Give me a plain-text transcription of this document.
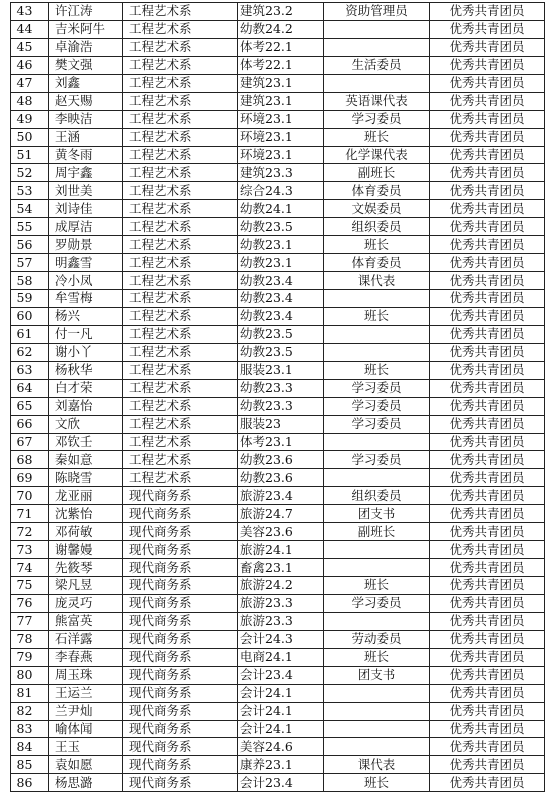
43	许江涛	工程艺术系	建筑23.2	资助管理员	优秀共青团员
44	吉米阿牛	工程艺术系	幼教24.2		优秀共青团员
45	卓渝浩	工程艺术系	体考22.1		优秀共青团员
46	樊文强	工程艺术系	体考22.1	生活委员	优秀共青团员
47	刘鑫	工程艺术系	建筑23.1		优秀共青团员
48	赵天赐	工程艺术系	建筑23.1	英语课代表	优秀共青团员
49	李映洁	工程艺术系	环境23.1	学习委员	优秀共青团员
50	王涵	工程艺术系	环境23.1	班长	优秀共青团员
51	黄冬雨	工程艺术系	环境23.1	化学课代表	优秀共青团员
52	周宇鑫	工程艺术系	建筑23.3	副班长	优秀共青团员
53	刘世美	工程艺术系	综合24.3	体育委员	优秀共青团员
54	刘诗佳	工程艺术系	幼教24.1	文娱委员	优秀共青团员
55	成厚洁	工程艺术系	幼教23.5	组织委员	优秀共青团员
56	罗勋景	工程艺术系	幼教23.1	班长	优秀共青团员
57	明鑫雪	工程艺术系	幼教23.1	体育委员	优秀共青团员
58	冷小凤	工程艺术系	幼教23.4	课代表	优秀共青团员
59	牟雪梅	工程艺术系	幼教23.4		优秀共青团员
60	杨兴	工程艺术系	幼教23.4	班长	优秀共青团员
61	付一凡	工程艺术系	幼教23.5		优秀共青团员
62	谢小丫	工程艺术系	幼教23.5		优秀共青团员
63	杨秋华	工程艺术系	服装23.1	班长	优秀共青团员
64	白才荣	工程艺术系	幼教23.3	学习委员	优秀共青团员
65	刘嘉怡	工程艺术系	幼教23.3	学习委员	优秀共青团员
66	文欣	工程艺术系	服装23	学习委员	优秀共青团员
67	邓钦壬	工程艺术系	体考23.1		优秀共青团员
68	秦如意	工程艺术系	幼教23.6	学习委员	优秀共青团员
69	陈晓雪	工程艺术系	幼教23.6		优秀共青团员
70	龙亚丽	现代商务系	旅游23.4	组织委员	优秀共青团员
71	沈紫怡	现代商务系	旅游24.7	团支书	优秀共青团员
72	邓荷敏	现代商务系	美容23.6	副班长	优秀共青团员
73	谢馨嫚	现代商务系	旅游24.1		优秀共青团员
74	先筱琴	现代商务系	畜禽23.1		优秀共青团员
75	梁凡昱	现代商务系	旅游24.2	班长	优秀共青团员
76	庞灵巧	现代商务系	旅游23.3	学习委员	优秀共青团员
77	熊富英	现代商务系	旅游23.3		优秀共青团员
78	石洋露	现代商务系	会计24.3	劳动委员	优秀共青团员
79	李春燕	现代商务系	电商24.1	班长	优秀共青团员
80	周玉珠	现代商务系	会计23.4	团支书	优秀共青团员
81	王运兰	现代商务系	会计24.1		优秀共青团员
82	兰尹灿	现代商务系	会计24.1		优秀共青团员
83	喻体闻	现代商务系	会计24.1		优秀共青团员
84	王玉	现代商务系	美容24.6		优秀共青团员
85	袁如愿	现代商务系	康养23.1	课代表	优秀共青团员
86	杨思潞	现代商务系	会计23.4	班长	优秀共青团员
